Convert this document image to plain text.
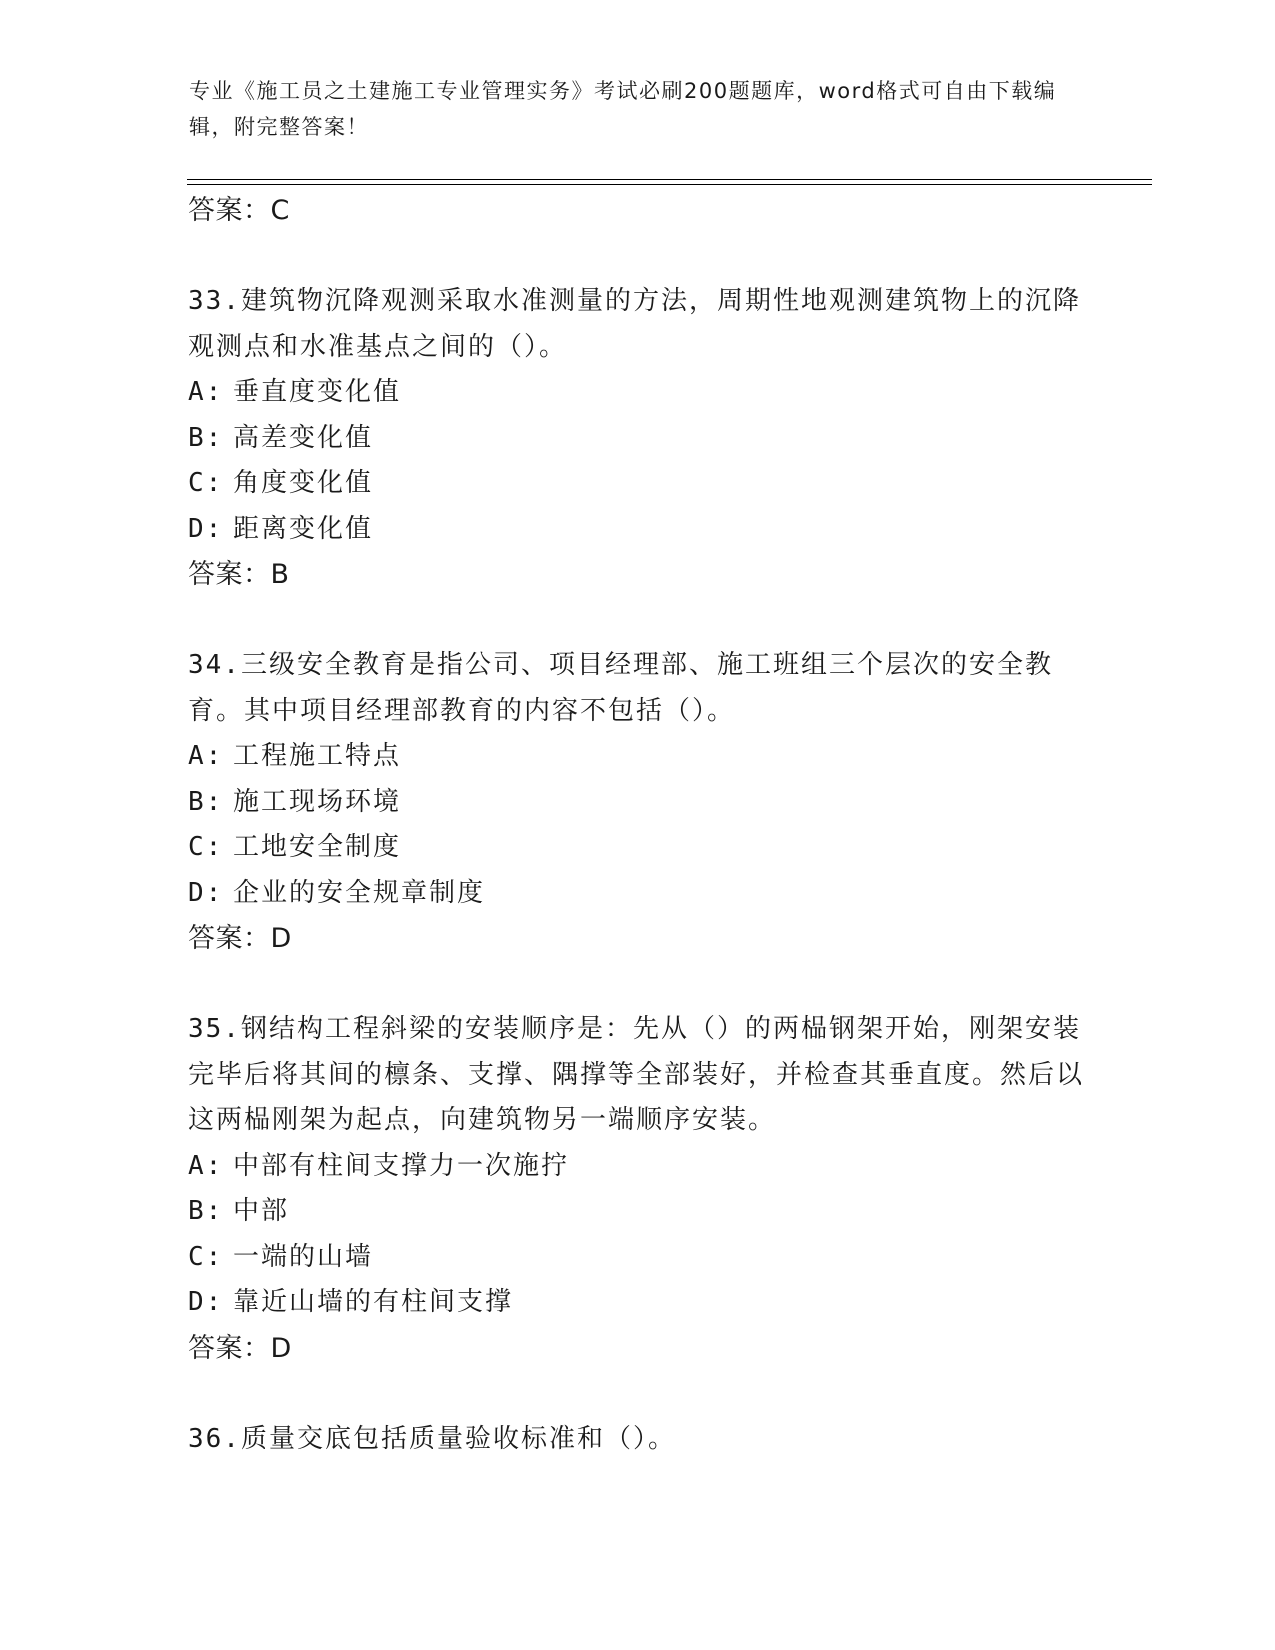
专业《施工员之土建施工专业管理实务》考试必刷200题题库，word格式可自由下载编辑，附完整答案！
答案：C
33.建筑物沉降观测采取水准测量的方法，周期性地观测建筑物上的沉降观测点和水准基点之间的（）。
A: 垂直度变化值
B: 高差变化值
C: 角度变化值
D: 距离变化值
答案：B
34.三级安全教育是指公司、项目经理部、施工班组三个层次的安全教育。其中项目经理部教育的内容不包括（）。
A: 工程施工特点
B: 施工现场环境
C: 工地安全制度
D: 企业的安全规章制度
答案：D
35.钢结构工程斜梁的安装顺序是：先从（）的两榀钢架开始，刚架安装完毕后将其间的檩条、支撑、隅撑等全部装好，并检查其垂直度。然后以这两榀刚架为起点，向建筑物另一端顺序安装。
A: 中部有柱间支撑力一次施拧
B: 中部
C: 一端的山墙
D: 靠近山墙的有柱间支撑
答案：D
36.质量交底包括质量验收标准和（）。
